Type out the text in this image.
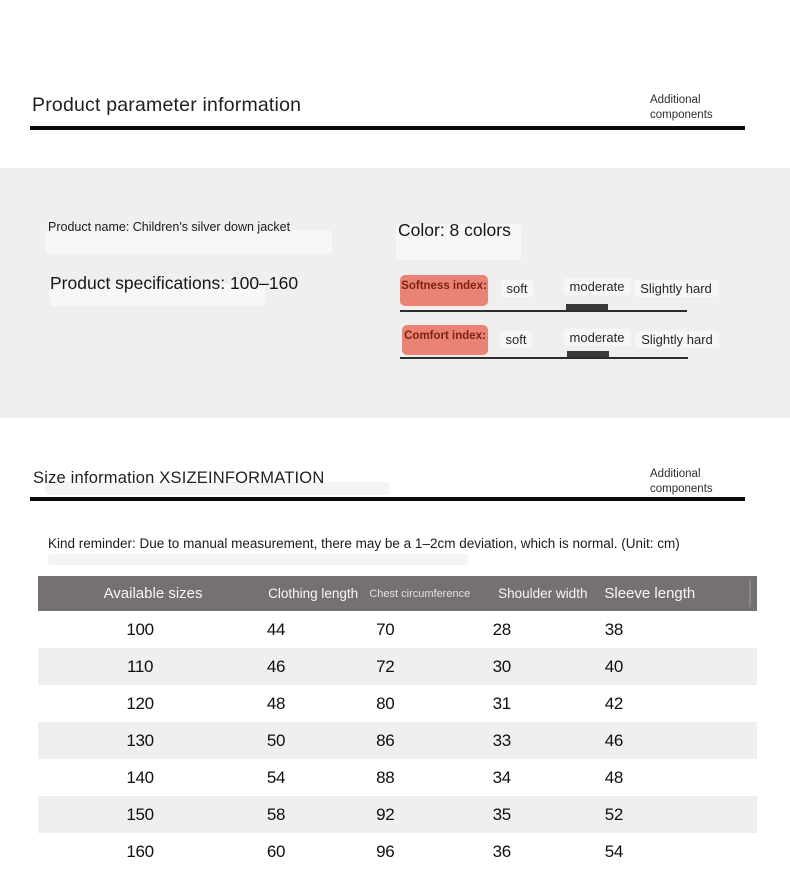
Product parameter information	Additional components
Product name: Children's silver down jacket
Product specifications: 100–160
Color: 8 colors
Softness index:	soft	moderate	Slightly hard
Comfort index:	soft	moderate	Slightly hard
Size information XSIZEINFORMATION	Additional components
Kind reminder: Due to manual measurement, there may be a 1–2cm deviation, which is normal. (Unit: cm)
Available sizes	Clothing length	Chest circumference	Shoulder width	Sleeve length
100	44	70	28	38
110	46	72	30	40
120	48	80	31	42
130	50	86	33	46
140	54	88	34	48
150	58	92	35	52
160	60	96	36	54
